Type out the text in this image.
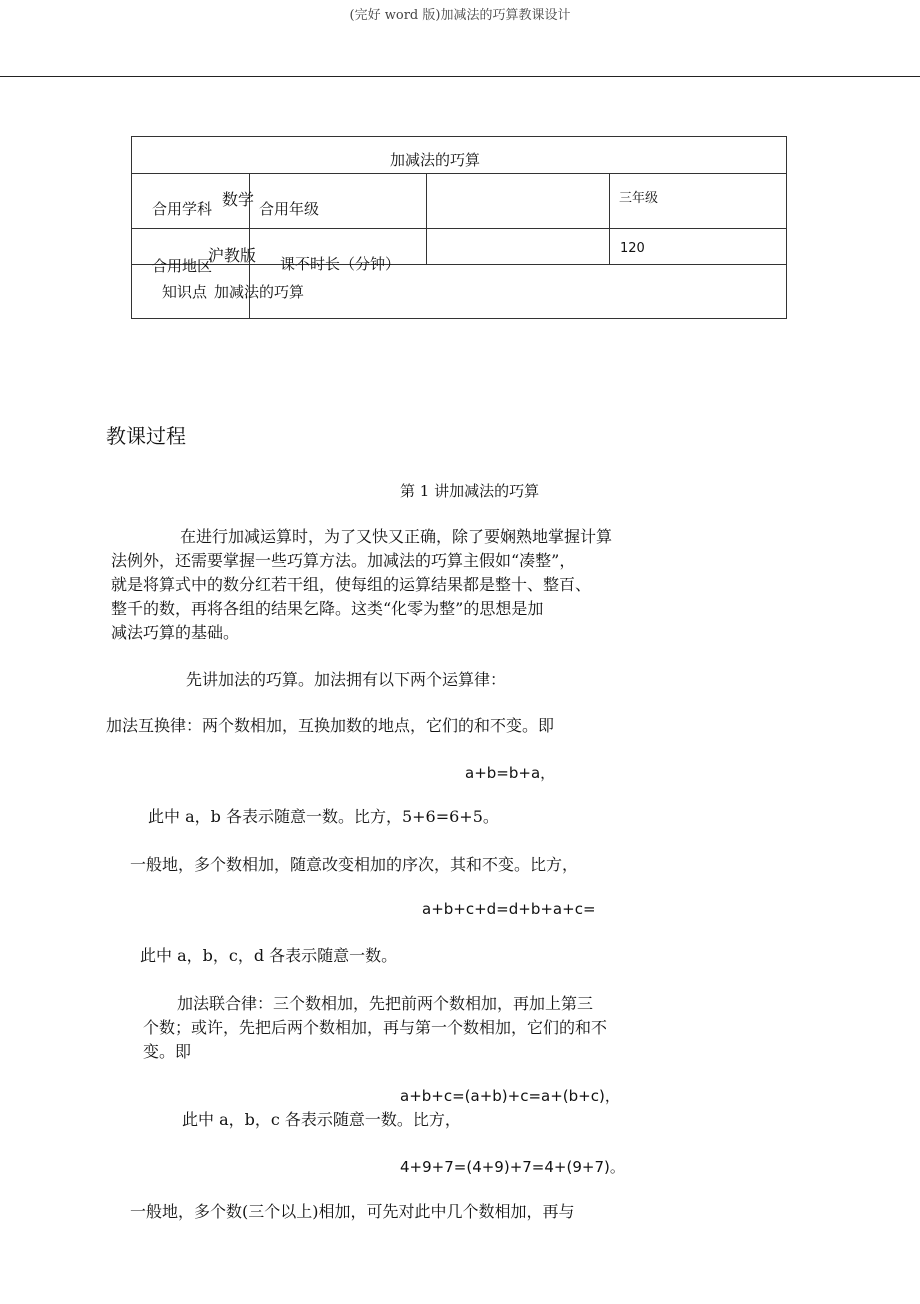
(完好 word 版)加减法的巧算教课设计
加减法的巧算
合用学科 数学 合用年级
三年级
合用地区
沪教版 课不时长（分钟）
120
知识点 加减法的巧算
教课过程
第 1 讲加减法的巧算
在进行加减运算时，为了又快又正确，除了要娴熟地掌握计算
法例外，还需要掌握一些巧算方法。加减法的巧算主假如“凑整”，
就是将算式中的数分红若干组，使每组的运算结果都是整十、整百、
整千的数，再将各组的结果乞降。这类“化零为整”的思想是加
减法巧算的基础。
先讲加法的巧算。加法拥有以下两个运算律：
加法互换律：两个数相加，互换加数的地点，它们的和不变。即
a+b=b+a，
此中 a，b 各表示随意一数。比方，5+6=6+5。
一般地，多个数相加，随意改变相加的序次，其和不变。比方，
a+b+c+d=d+b+a+c=
此中 a，b，c，d 各表示随意一数。
加法联合律：三个数相加，先把前两个数相加，再加上第三
个数；或许，先把后两个数相加，再与第一个数相加，它们的和不
变。即
a+b+c=(a+b)+c=a+(b+c)，
此中 a，b，c 各表示随意一数。比方，
4+9+7=(4+9)+7=4+(9+7)。
一般地，多个数(三个以上)相加，可先对此中几个数相加，再与
